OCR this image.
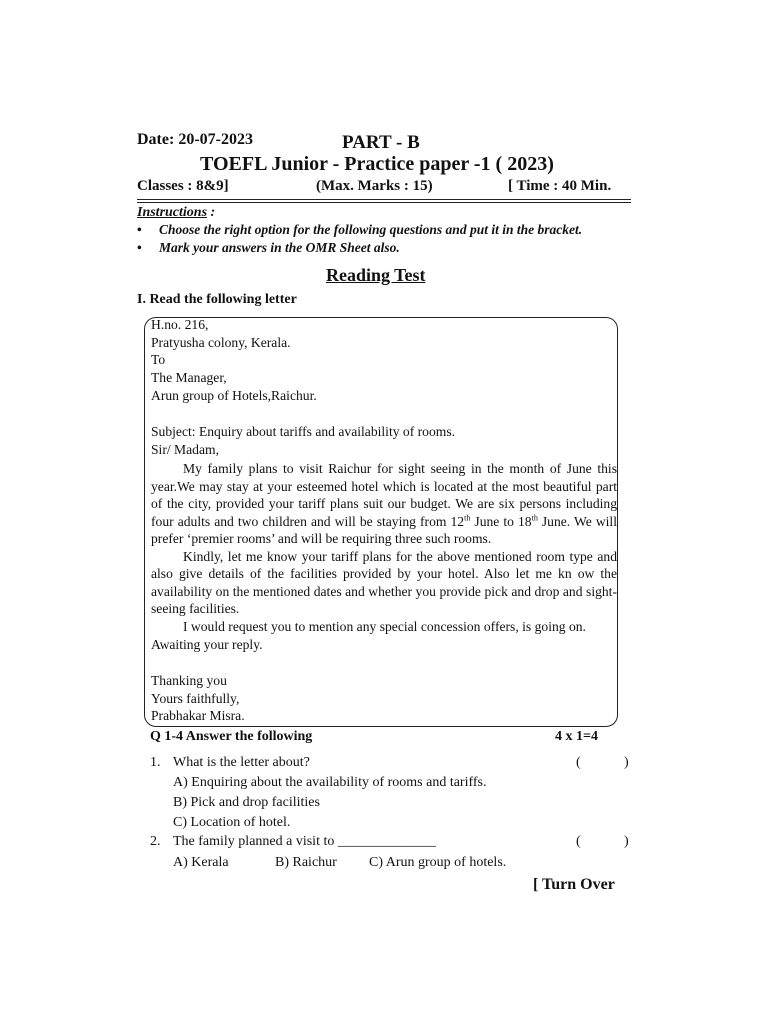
Date: 20-07-2023	PART - B
TOEFL Junior - Practice paper -1 ( 2023)
Classes : 8&9]	(Max. Marks : 15)	[ Time : 40 Min.
Instructions :
• Choose the right option for the following questions and put it in the bracket.
• Mark your answers in the OMR Sheet also.
Reading Test
I. Read the following letter
H.no. 216,
Pratyusha colony, Kerala.
To
The Manager,
Arun group of Hotels,Raichur.
Subject: Enquiry about tariffs and availability of rooms.
Sir/ Madam,

My family plans to visit Raichur for sight seeing in the month of June this year.We may stay at your esteemed hotel which is located at the most beautiful part of the city, provided your tariff plans suit our budget. We are six persons including four adults and two children and will be staying from 12th June to 18th June. We will prefer ‘premier rooms’ and will be requiring three such rooms.

Kindly, let me know your tariff plans for the above mentioned room type and also give details of the facilities provided by your hotel. Also let me kn ow the availability on the mentioned dates and whether you provide pick and drop and sight-seeing facilities.

I would request you to mention any special concession offers, is going on.

Awaiting your reply.
Thanking you
Yours faithfully,
Prabhakar Misra.
Q 1-4 Answer the following	4 x 1=4
1. What is the letter about?	(	)
A) Enquiring about the availability of rooms and tariffs.
B) Pick and drop facilities
C) Location of hotel.
2. The family planned a visit to ______________	(	)
A) Kerala	B) Raichur C) Arun group of hotels.
[ Turn Over
